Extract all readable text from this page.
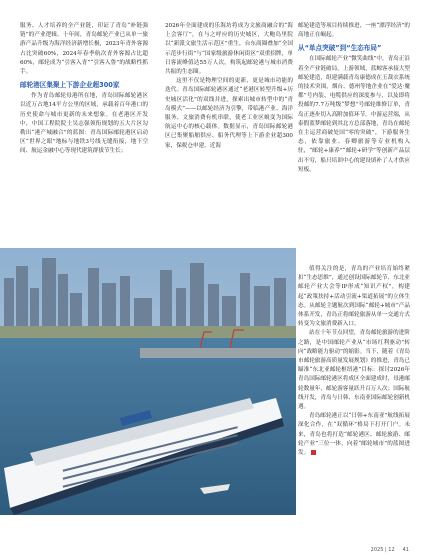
服务、人才培养的全产业链，印证了青岛“补链强链”的产业逻辑。十年间，青岛邮轮产业已从单一旅游产品升级为海洋经济新增长极，2023年青外客源占比突破60%，2024年春季航次青外客源占比超60%，邮轮成为“引客入青”“引客入鲁”的战略性抓手。

邮轮港区集聚上下游企业超300家

作为青岛邮轮母港所在地，青岛国际邮轮港区以近万占地14平方公里的区域，承载着百年港口的历史使命与城市更新的未来想象。在老港区开发中，中国工程院院士吴志强领衔规划的五大片区勾勒出“港产城融合”的蓝图：青岛国际邮轮港区启动区“世界之眼”地标与地铁3号线无缝衔接，地下空间、航运金融中心等现代建筑群拔节生长；

2026年全面建成的乐海坊将成为文旅商融合的“海上会客厅”，在与之呼应的历史城区，大鲍岛里院以“新派文旅生活示范区”重生，台东商圈叠加“全国示范步行街”与“国家级旅游休闲街区”双重招牌，单日客流峰值达55万人次，构筑起邮轮港与城市消费共振的生态圈。

这里不仅是物理空间的更新，更是城市功能的迭代。青岛国际邮轮港区通过“老港区转型升级+历史城区活化”的双线并进，探索出城市转型中的“青岛模式”——以邮轮经济为引擎，带临港产业、海洋服务、文旅消费有机串联，使老工业区蜕变为国际航运中心的核心载体。数据显示，青岛国际邮轮港区已集聚船舶供应、船务代理等上下游企业超300家，保税仓申建、近海

邮轮建造等项目持续推进，一座“漂浮经济”的高地正在崛起。

从“单点突破”到“生态布局”

在国际邮轮产业“微笑曲线”中，青岛正沿着全产业链破局。上游领域，蓝鲸客承接大型邮轮建造，组建满载青岛康德成在玉裁衣系统的技术突围，烟台、德州等地企业在“爱达·魔都”号内装、电缆供应的深度参与，以及即将投邮的7.7万吨级“梦想”号邮轮维修订单，青岛正逐步切入高附加值环节。中游运营端，从泰假蓝梦邮轮到其北方总部落地，青岛在邮轮在主运营商破处国“零的突破”，下游服务生态，依靠旅业、春卿旅游等专业机构入驻，“邮轮+康养”“邮轮+研学”等创新产品层出不穷，船只培训中心的建设填补了人才供应短板。

值得关注的是，青岛的产业培育始终紧扣“生态思维”，通过创设国际邮轮节、东北亚邮轮产业大会等IP形成“知识产权”，构建起“政策扶持+活动引流+渠道拓展”的立体生态。从邮轮主题航次到国际“邮轮+城市”产品体系开发，青岛正将邮轮旅游从单一交通方式转变为文旅消费新入口。

站在十年节点回望，青岛邮轮旅游的进阶之路，是中国邮轮产业从“市场红利驱动”转向“战略能力驱动”的缩影。当下，随着《青岛市邮轮旅游高质量发展规划》的推进，青岛已瞄准“东北亚邮轮枢纽港”目标：探讨2026年青岛国际邮轮港区将成区全面建成时，母港邮轮数量年，邮轮游客量跃升百万人次；国际航线开发，青岛与日韩、东南亚国际邮轮创新机遇。

青岛邮轮港正以“日韩+东南亚”航线拓展深化合作，在“双循环”格局下打开门户。未来，青岛也将打造“邮轮港区、邮轮旅游、邮轮产业”三位一体，向着“邮轮城市”的蓝图进发。

2025 | 12 41
